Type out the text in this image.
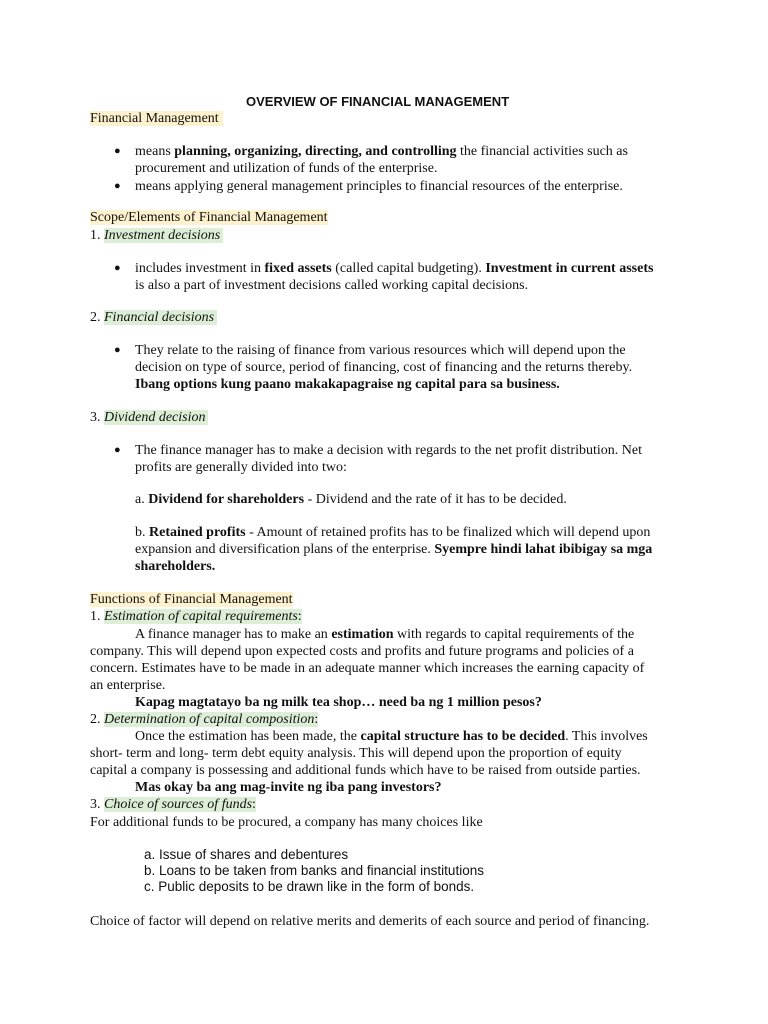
OVERVIEW OF FINANCIAL MANAGEMENT
Financial Management
● means planning, organizing, directing, and controlling the financial activities such as
procurement and utilization of funds of the enterprise.
● means applying general management principles to financial resources of the enterprise.
Scope/Elements of Financial Management
1. Investment decisions
● includes investment in fixed assets (called capital budgeting). Investment in current assets
is also a part of investment decisions called working capital decisions.
2. Financial decisions
● They relate to the raising of finance from various resources which will depend upon the
decision on type of source, period of financing, cost of financing and the returns thereby.
Ibang options kung paano makakapagraise ng capital para sa business.
3. Dividend decision
● The finance manager has to make a decision with regards to the net profit distribution. Net
profits are generally divided into two:
a. Dividend for shareholders - Dividend and the rate of it has to be decided.
b. Retained profits - Amount of retained profits has to be finalized which will depend upon
expansion and diversification plans of the enterprise. Syempre hindi lahat ibibigay sa mga
shareholders.
Functions of Financial Management
1. Estimation of capital requirements:
A finance manager has to make an estimation with regards to capital requirements of the
company. This will depend upon expected costs and profits and future programs and policies of a
concern. Estimates have to be made in an adequate manner which increases the earning capacity of
an enterprise.
Kapag magtatayo ba ng milk tea shop… need ba ng 1 million pesos?
2. Determination of capital composition:
Once the estimation has been made, the capital structure has to be decided. This involves
short- term and long- term debt equity analysis. This will depend upon the proportion of equity
capital a company is possessing and additional funds which have to be raised from outside parties.
Mas okay ba ang mag-invite ng iba pang investors?
3. Choice of sources of funds:
For additional funds to be procured, a company has many choices like
a. Issue of shares and debentures
b. Loans to be taken from banks and financial institutions
c. Public deposits to be drawn like in the form of bonds.
Choice of factor will depend on relative merits and demerits of each source and period of financing.
